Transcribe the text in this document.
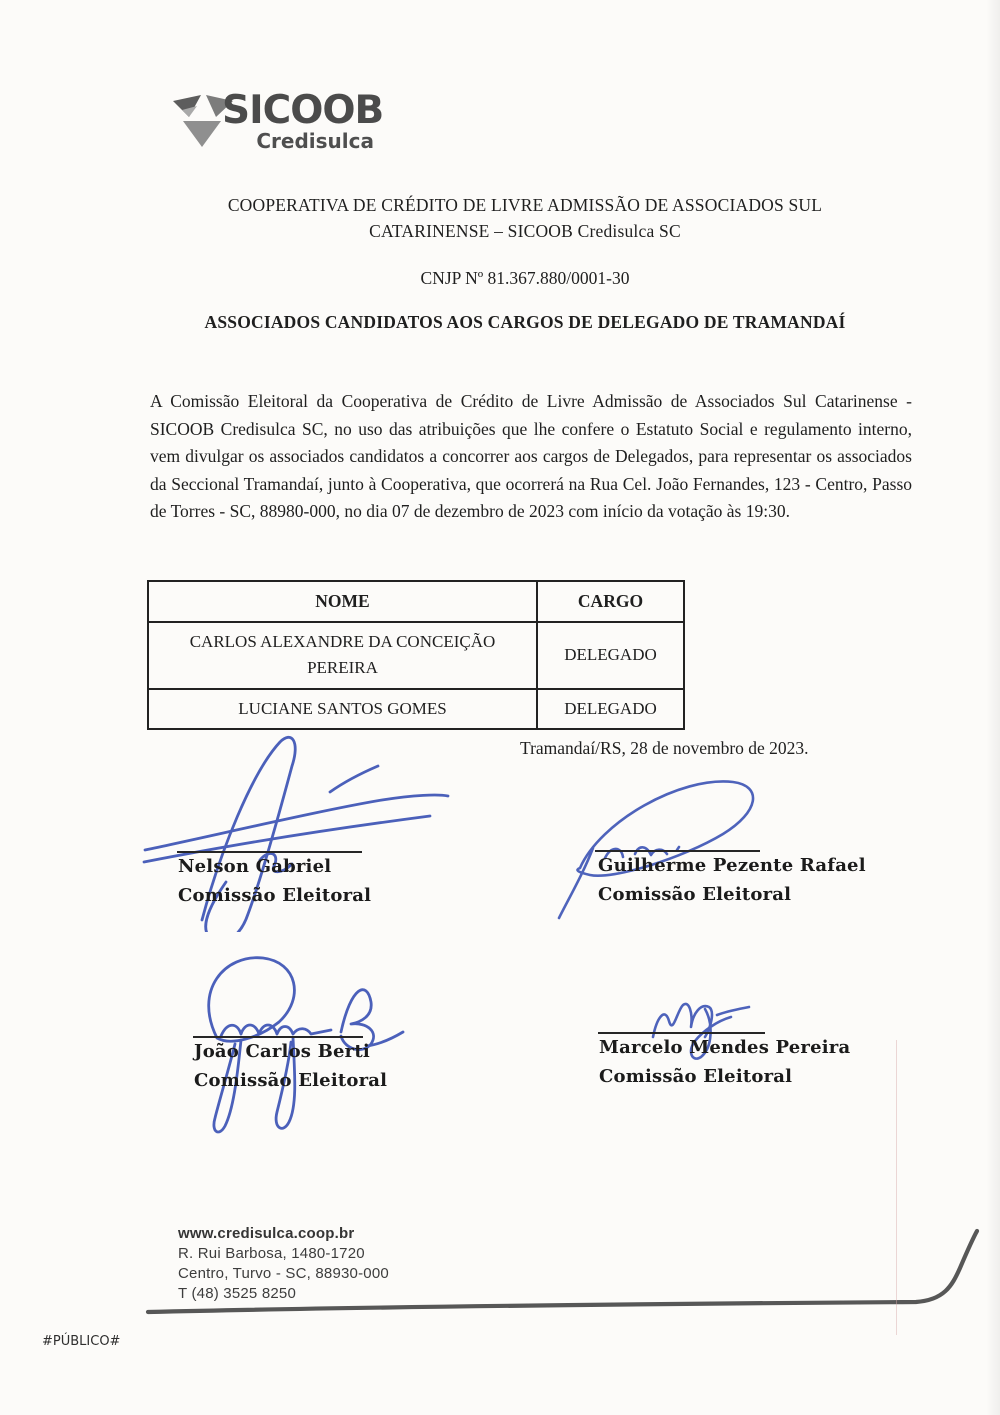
SICOOB
Credisulca
COOPERATIVA DE CRÉDITO DE LIVRE ADMISSÃO DE ASSOCIADOS SUL
CATARINENSE – SICOOB Credisulca SC
CNJP Nº 81.367.880/0001-30
ASSOCIADOS CANDIDATOS AOS CARGOS DE DELEGADO DE TRAMANDAÍ
A Comissão Eleitoral da Cooperativa de Crédito de Livre Admissão de Associados Sul Catarinense - SICOOB Credisulca SC, no uso das atribuições que lhe confere o Estatuto Social e regulamento interno, vem divulgar os associados candidatos a concorrer aos cargos de Delegados, para representar os associados da Seccional Tramandaí, junto à Cooperativa, que ocorrerá na Rua Cel. João Fernandes, 123 - Centro, Passo de Torres - SC, 88980-000, no dia 07 de dezembro de 2023 com início da votação às 19:30.
NOME	CARGO
CARLOS ALEXANDRE DA CONCEIÇÃO PEREIRA	DELEGADO
LUCIANE SANTOS GOMES	DELEGADO
Tramandaí/RS, 28 de novembro de 2023.
Nelson Gabriel
Comissão Eleitoral
Guilherme Pezente Rafael
Comissão Eleitoral
João Carlos Berti
Comissão Eleitoral
Marcelo Mendes Pereira
Comissão Eleitoral
www.credisulca.coop.br
R. Rui Barbosa, 1480-1720
Centro, Turvo - SC, 88930-000
T (48) 3525 8250
#PÚBLICO#
